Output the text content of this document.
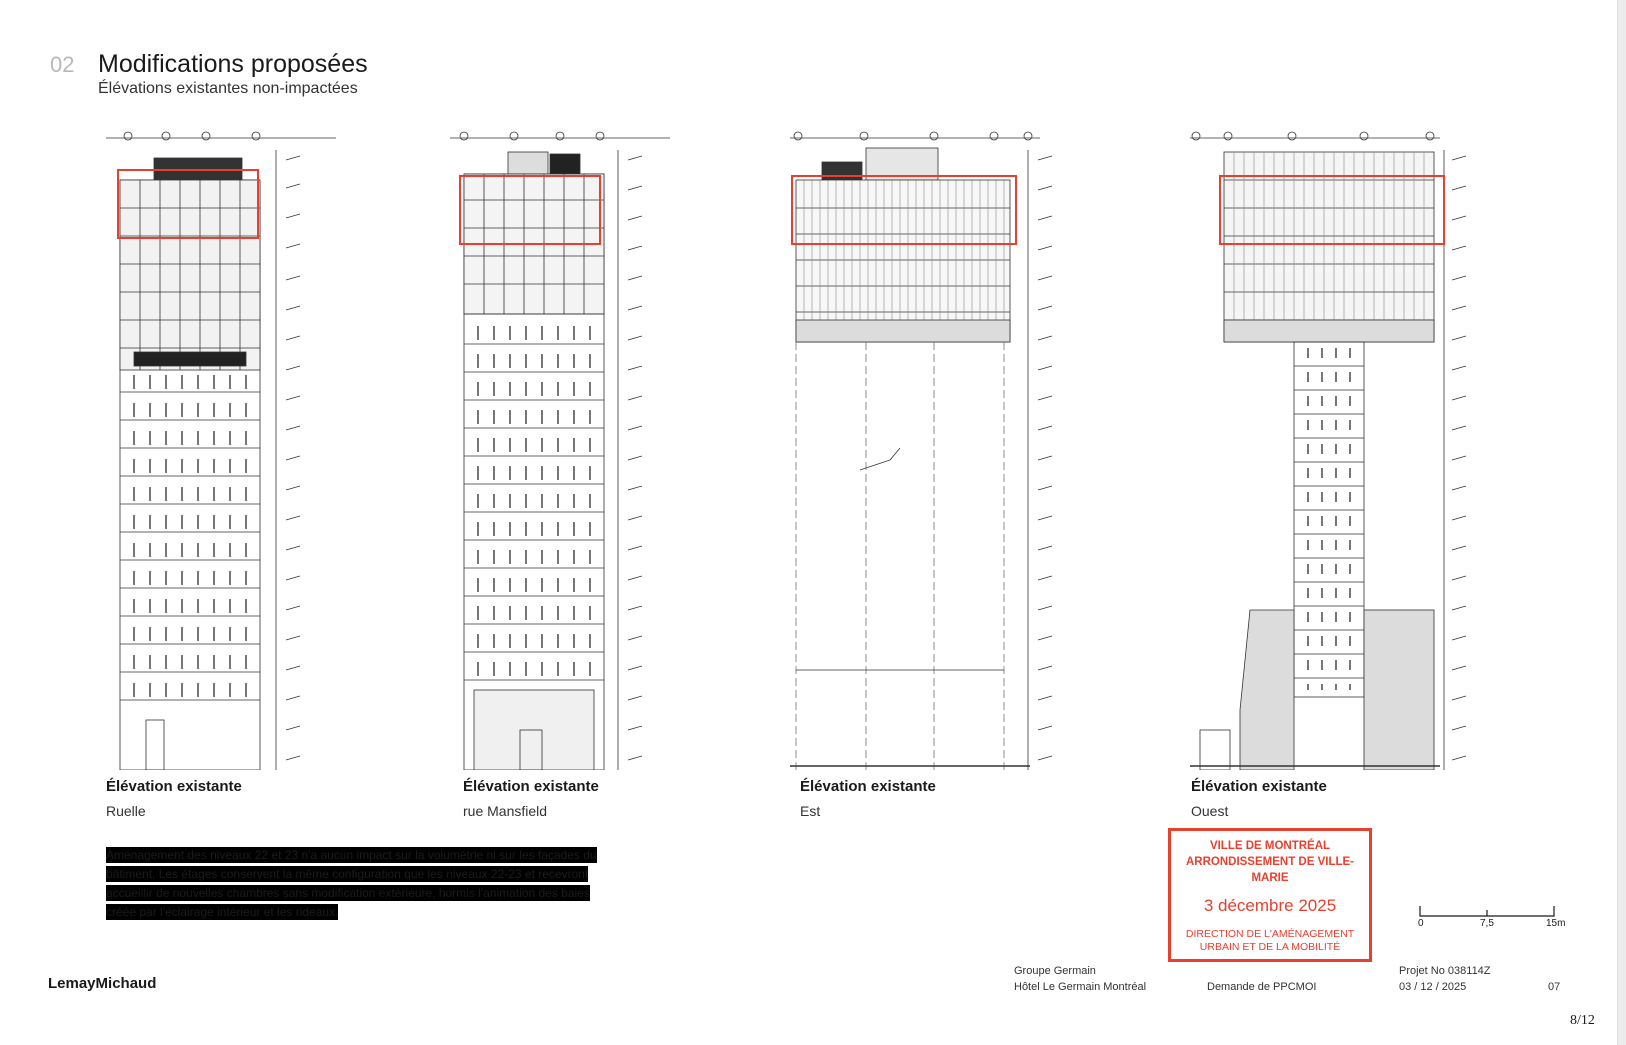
02 Modifications proposées
Élévations existantes non-impactées
Élévation existante
Ruelle
Élévation existante
rue Mansfield
Élévation existante
Est
Élévation existante
Ouest
Aménagement des niveaux 22 et 23 n'a aucun impact sur la volumétrie ni sur les façades du bâtiment. Les étages conservent la même configuration que les niveaux 22-23 et recevront accueillir de nouvelles chambres sans modification extérieure, hormis l'animation des baies créée par l'éclairage intérieur et les rideaux.
VILLE DE MONTRÉAL
ARRONDISSEMENT DE VILLE-MARIE
3 décembre 2025
DIRECTION DE L'AMÉNAGEMENT
URBAIN ET DE LA MOBILITÉ
0	7,5	15m
LemayMichaud
Groupe Germain
Hôtel Le Germain Montréal	Demande de PPCMOI
Projet No 038114Z
03 / 12 / 2025	07
8/12
